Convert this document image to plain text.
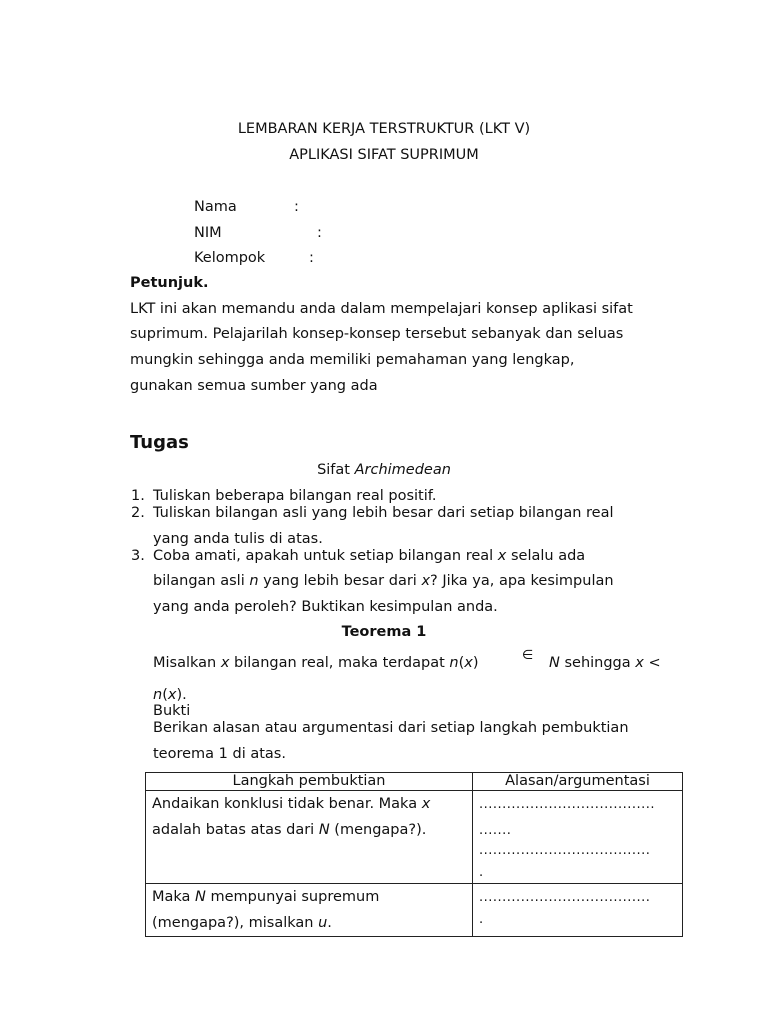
LEMBARAN KERJA TERSTRUKTUR (LKT V)
APLIKASI SIFAT SUPRIMUM
Nama	:
NIM	:
Kelompok	:
Petunjuk.
LKT ini akan memandu anda dalam mempelajari konsep aplikasi sifat
suprimum. Pelajarilah konsep-konsep tersebut sebanyak dan seluas
mungkin sehingga anda memiliki pemahaman yang lengkap,
gunakan semua sumber yang ada
Tugas
Sifat Archimedean
1. Tuliskan beberapa bilangan real positif.
2. Tuliskan bilangan asli yang lebih besar dari setiap bilangan real
yang anda tulis di atas.
3. Coba amati, apakah untuk setiap bilangan real x selalu ada
bilangan asli n yang lebih besar dari x? Jika ya, apa kesimpulan
yang anda peroleh? Buktikan kesimpulan anda.
Teorema 1
Misalkan x bilangan real, maka terdapat n(x)	∈ N sehingga x <
n(x).
Bukti
Berikan alasan atau argumentasi dari setiap langkah pembuktian
teorema 1 di atas.
Langkah pembuktian	Alasan/argumentasi

Andaikan konklusi tidak benar. Maka x
adalah batas atas dari N (mengapa?).	......................................
.......
.....................................
.

Maka N mempunyai supremum
(mengapa?), misalkan u.	.....................................
.
